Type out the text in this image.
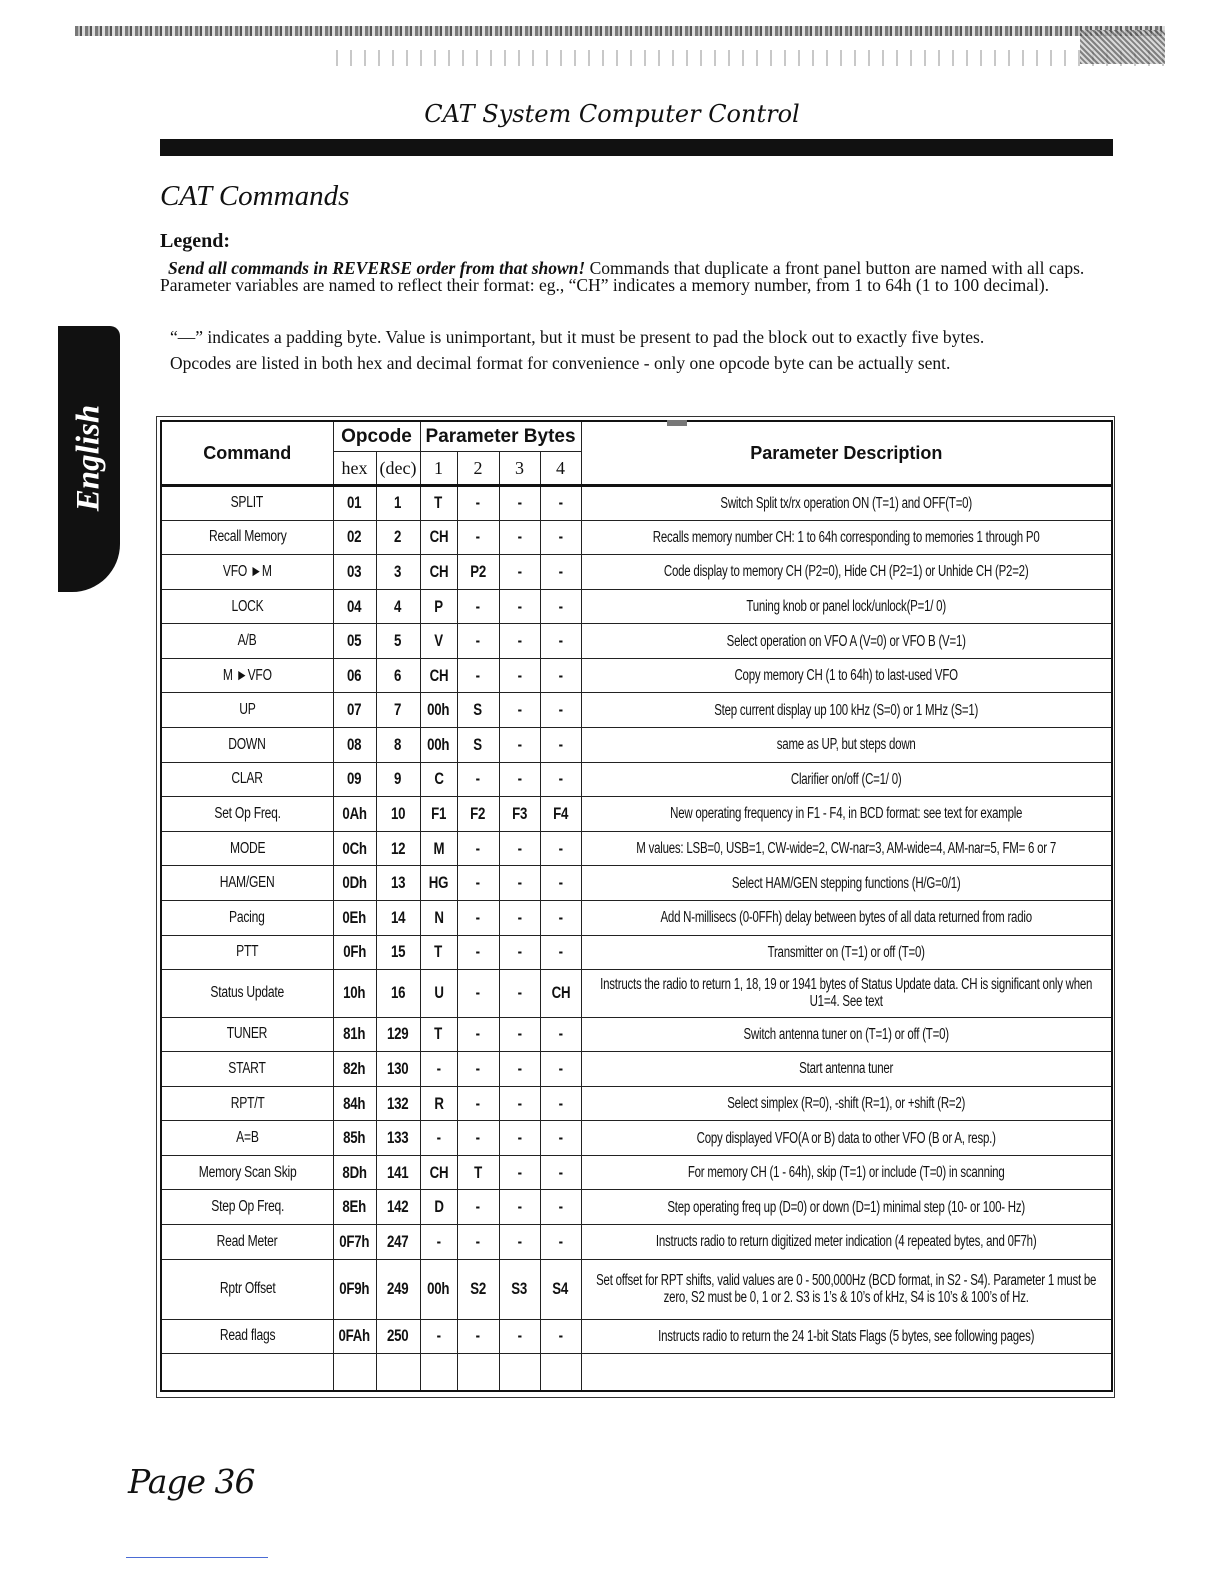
CAT System Computer Control
CAT Commands
Legend:
Send all commands in REVERSE order from that shown! Commands that duplicate a front panel button are named with all caps. Parameter variables are named to reflect their format: eg., “CH” indicates a memory number, from 1 to 64h (1 to 100 decimal).
“—” indicates a padding byte. Value is unimportant, but it must be present to pad the block out to exactly five bytes.
Opcodes are listed in both hex and decimal format for convenience - only one opcode byte can be actually sent.
English	Command	Opcode		Parameter Bytes				Parameter Description
	hex	(dec)	1	2	3	4	
SPLIT	01	1	T	-	-	-	Switch Split tx/rx operation ON (T=1) and OFF(T=0)
Recall Memory	02	2	CH	-	-	-	Recalls memory number CH: 1 to 64h corresponding to memories 1 through P0
VFO ►M	03	3	CH	P2	-	-	Code display to memory CH (P2=0), Hide CH (P2=1) or Unhide CH (P2=2)
LOCK	04	4	P	-	-	-	Tuning knob or panel lock/unlock(P=1/ 0)
A/B	05	5	V	-	-	-	Select operation on VFO A (V=0) or VFO B (V=1)
M ►VFO	06	6	CH	-	-	-	Copy memory CH (1 to 64h) to last-used VFO
UP	07	7	00h	S	-	-	Step current display up 100 kHz (S=0) or 1 MHz (S=1)
DOWN	08	8	00h	S	-	-	same as UP, but steps down
CLAR	09	9	C	-	-	-	Clarifier on/off (C=1/ 0)
Set Op Freq.	0Ah	10	F1	F2	F3	F4	New operating frequency in F1 - F4, in BCD format: see text for example
MODE	0Ch	12	M	-	-	-	M values: LSB=0, USB=1, CW-wide=2, CW-nar=3, AM-wide=4, AM-nar=5, FM= 6 or 7
HAM/GEN	0Dh	13	HG	-	-	-	Select HAM/GEN stepping functions (H/G=0/1)
Pacing	0Eh	14	N	-	-	-	Add N-millisecs (0-0FFh) delay between bytes of all data returned from radio
PTT	0Fh	15	T	-	-	-	Transmitter on (T=1) or off (T=0)
Status Update	10h	16	U	-	-	CH	Instructs the radio to return 1, 18, 19 or 1941 bytes of Status Update data. CH is significant only when U1=4. See text
TUNER	81h	129	T	-	-	-	Switch antenna tuner on (T=1) or off (T=0)
START	82h	130	-	-	-	-	Start antenna tuner
RPT/T	84h	132	R	-	-	-	Select simplex (R=0), -shift (R=1), or +shift (R=2)
A=B	85h	133	-	-	-	-	Copy displayed VFO(A or B) data to other VFO (B or A, resp.)
Memory Scan Skip	8Dh	141	CH	T	-	-	For memory CH (1 - 64h), skip (T=1) or include (T=0) in scanning
Step Op Freq.	8Eh	142	D	-	-	-	Step operating freq up (D=0) or down (D=1) minimal step (10- or 100- Hz)
Read Meter	0F7h	247	-	-	-	-	Instructs radio to return digitized meter indication (4 repeated bytes, and 0F7h)
Rptr Offset	0F9h	249	00h	S2	S3	S4	Set offset for RPT shifts, valid values are 0 - 500,000Hz (BCD format, in S2 - S4). Parameter 1 must be zero, S2 must be 0, 1 or 2. S3 is 1’s & 10’s of kHz, S4 is 10’s & 100’s of Hz.
Read flags	0FAh	250	-	-	-	-	Instructs radio to return the 24 1-bit Stats Flags (5 bytes, see following pages)

Page 36
